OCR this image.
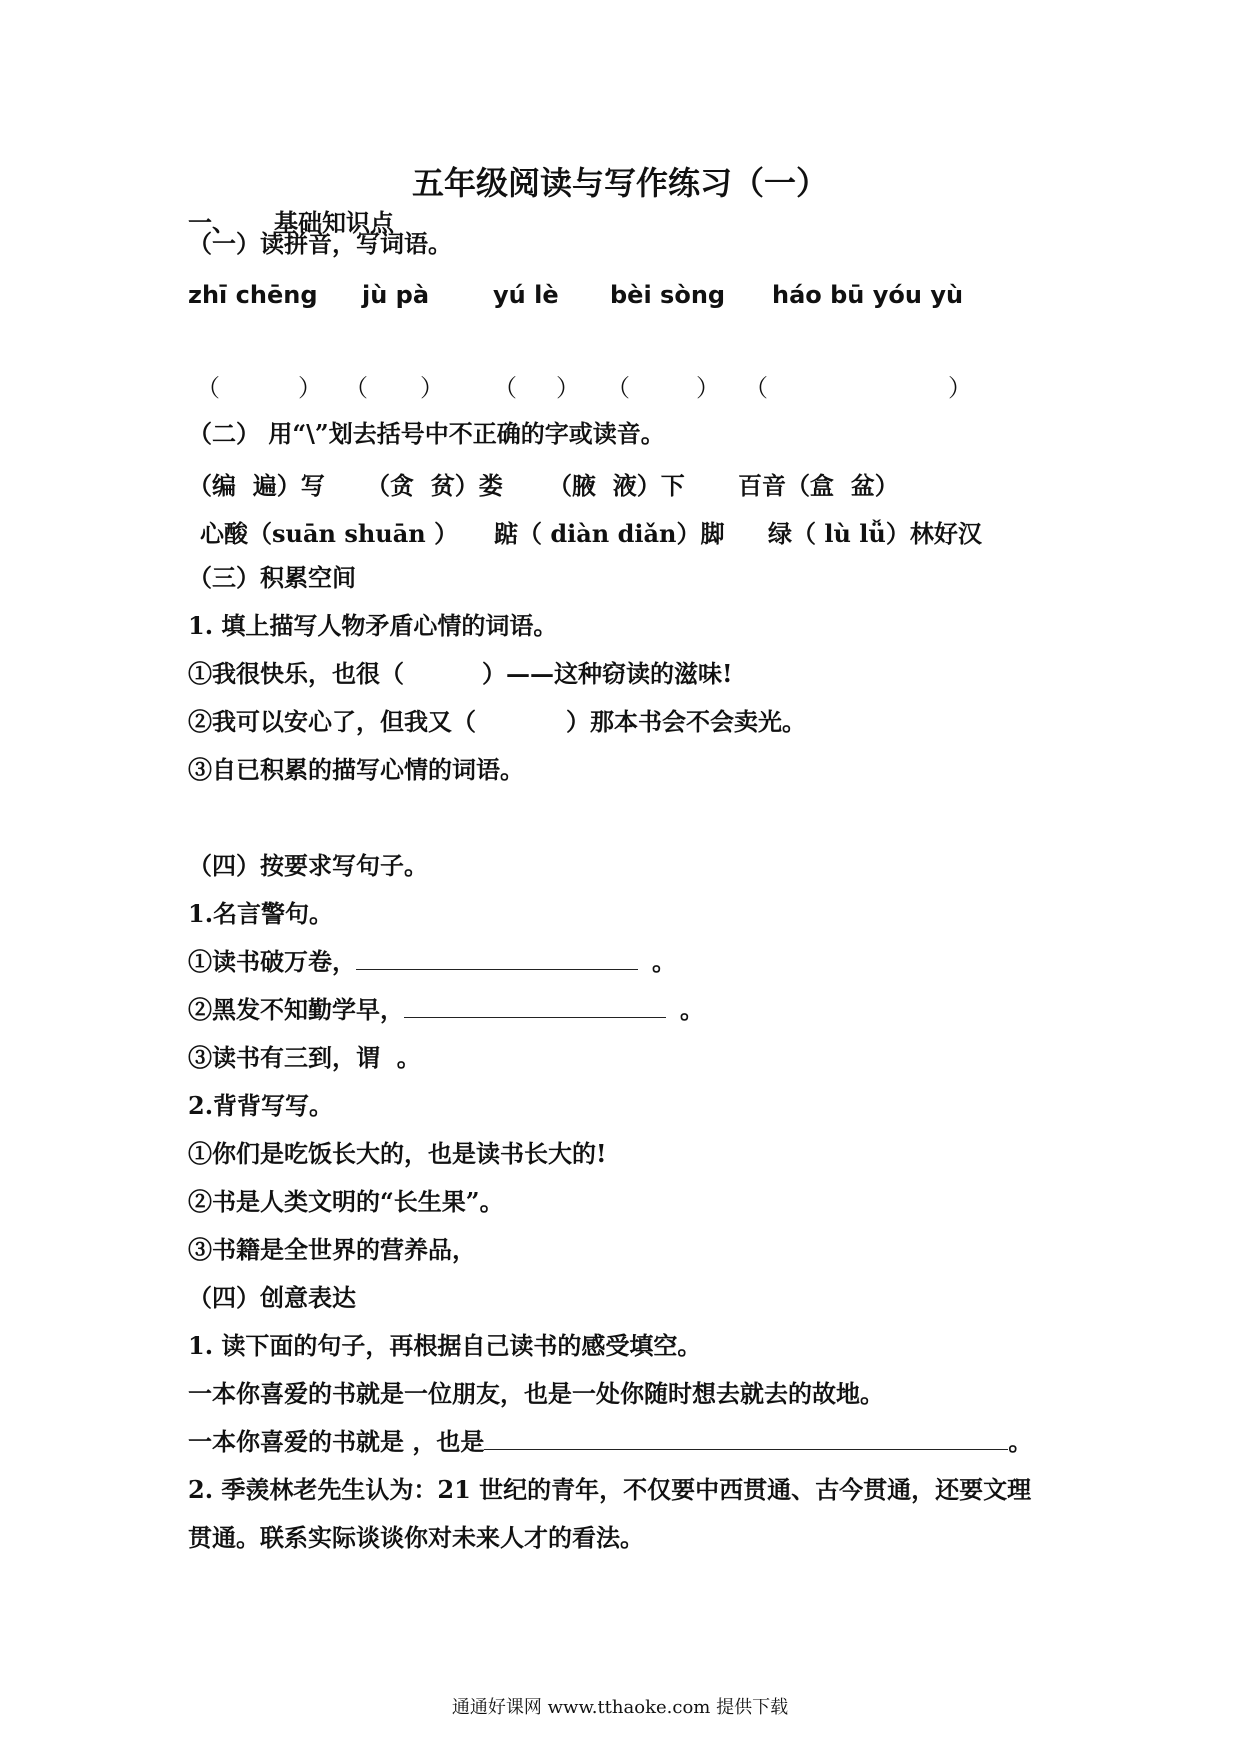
五年级阅读与写作练习（一）
一、 基础知识点
（一）读拼音，写词语。
zhī chēng jù pà	yú lè bèi sòng háo bū yóu yù
（	） （ ） （ ） （	） （	）
（二） 用“\”划去括号中不正确的字或读音。
（编  遍）写 （贪  贫）娄 （腋  液）下 百音（盒  盆）
心酸（suān shuān ） 踮（ diàn diǎn）脚 绿（ lù lǚ）林好汉
（三）积累空间
1. 填上描写人物矛盾心情的词语。
①我很快乐，也很（	）——这种窃读的滋味!
②我可以安心了，但我又（	）那本书会不会卖光。
③自已积累的描写心情的词语。
（四）按要求写句子。
1.名言警句。
①读书破万卷，	。
②黑发不知勤学早，	。
③读书有三到，谓  。
2.背背写写。
①你们是吃饭长大的，也是读书长大的!
②书是人类文明的“长生果”。
③书籍是全世界的营养品，
（四）创意表达
1. 读下面的句子，再根据自己读书的感受填空。
一本你喜爱的书就是一位朋友，也是一处你随时想去就去的故地。
一本你喜爱的书就是 ，也是	。
2. 季羡林老先生认为：21 世纪的青年，不仅要中西贯通、古今贯通，还要文理
贯通。联系实际谈谈你对未来人才的看法。
通通好课网 www.tthaoke.com 提供下载
